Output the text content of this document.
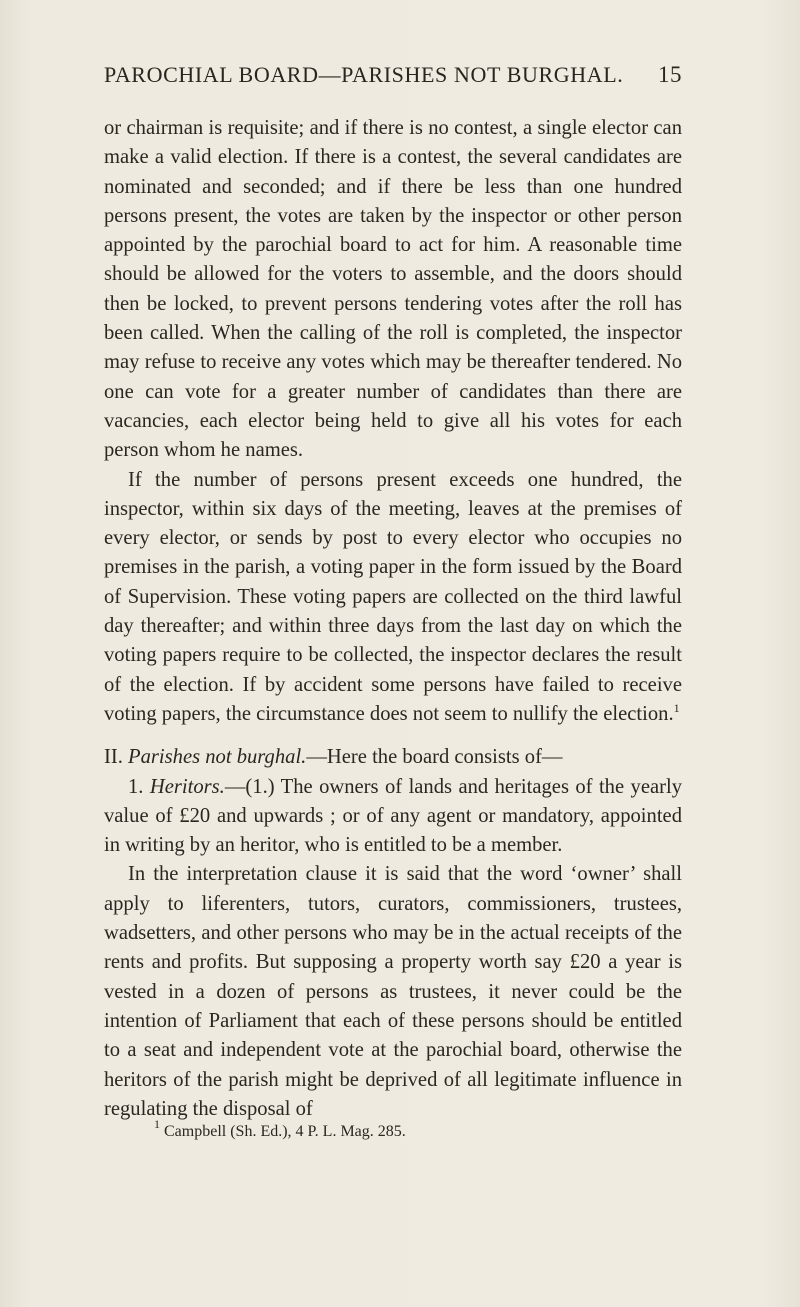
PAROCHIAL BOARD—PARISHES NOT BURGHAL. 15

or chairman is requisite; and if there is no contest, a single elector can make a valid election. If there is a contest, the several candidates are nominated and seconded; and if there be less than one hundred persons present, the votes are taken by the inspector or other person appointed by the parochial board to act for him. A reasonable time should be allowed for the voters to assemble, and the doors should then be locked, to prevent persons tendering votes after the roll has been called. When the calling of the roll is completed, the inspector may refuse to receive any votes which may be thereafter tendered. No one can vote for a greater number of candidates than there are vacancies, each elector being held to give all his votes for each person whom he names.

If the number of persons present exceeds one hundred, the inspector, within six days of the meeting, leaves at the premises of every elector, or sends by post to every elector who occupies no premises in the parish, a voting paper in the form issued by the Board of Supervision. These voting papers are collected on the third lawful day thereafter; and within three days from the last day on which the voting papers require to be collected, the inspector declares the result of the election. If by accident some persons have failed to receive voting papers, the circumstance does not seem to nullify the election.$^1$

II. Parishes not burghal.—Here the board consists of—

1. Heritors.—(1.) The owners of lands and heritages of the yearly value of £20 and upwards ; or of any agent or mandatory, appointed in writing by an heritor, who is entitled to be a member.

In the interpretation clause it is said that the word ‘owner’ shall apply to liferenters, tutors, curators, commissioners, trustees, wadsetters, and other persons who may be in the actual receipts of the rents and profits. But supposing a property worth say £20 a year is vested in a dozen of persons as trustees, it never could be the intention of Parliament that each of these persons should be entitled to a seat and independent vote at the parochial board, otherwise the heritors of the parish might be deprived of all legitimate influence in regulating the disposal of

$^1$ Campbell (Sh. Ed.), 4 P. L. Mag. 285.
